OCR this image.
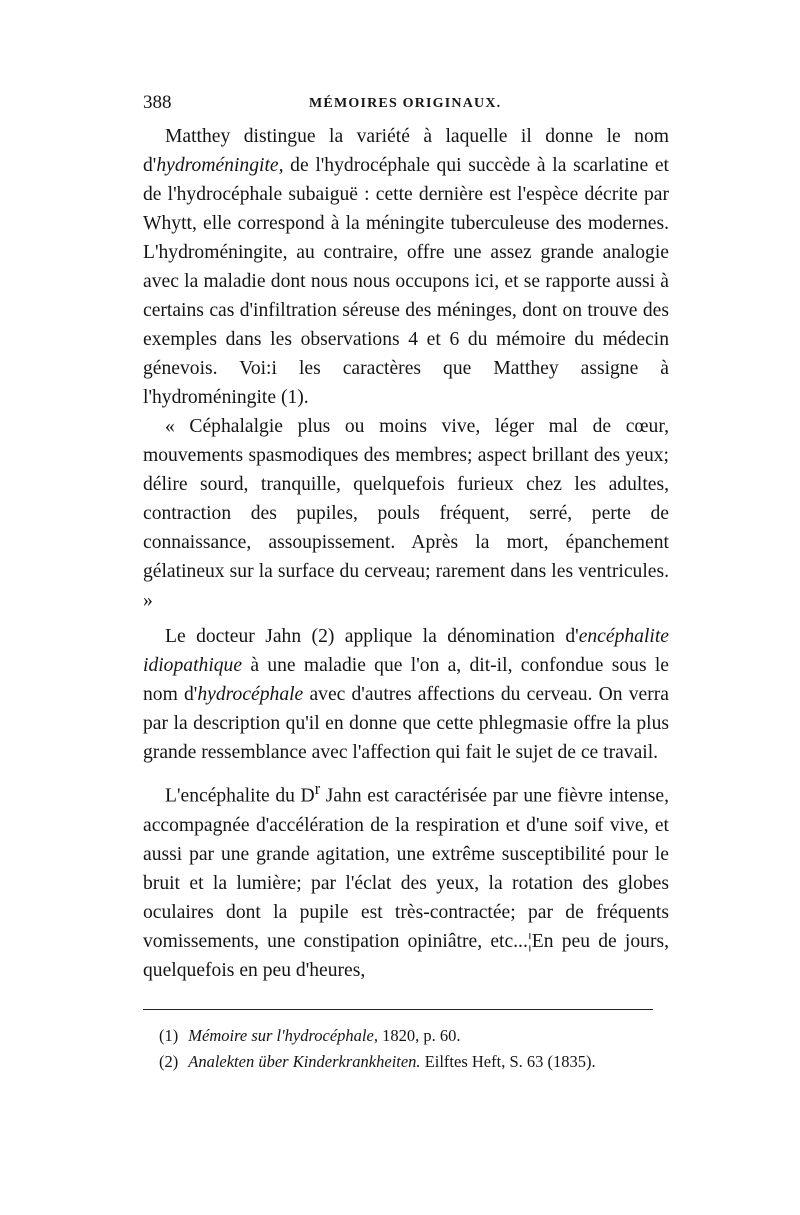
388	MÉMOIRES ORIGINAUX.

Matthey distingue la variété à laquelle il donne le nom d'hydroméningite, de l'hydrocéphale qui succède à la scarlatine et de l'hydrocéphale subaiguë : cette dernière est l'espèce décrite par Whytt, elle correspond à la méningite tuberculeuse des modernes. L'hydroméningite, au contraire, offre une assez grande analogie avec la maladie dont nous nous occupons ici, et se rapporte aussi à certains cas d'infiltration séreuse des méninges, dont on trouve des exemples dans les observations 4 et 6 du mémoire du médecin génevois. Voi:i les caractères que Matthey assigne à l'hydroméningite (1).

« Céphalalgie plus ou moins vive, léger mal de cœur, mouvements spasmodiques des membres; aspect brillant des yeux; délire sourd, tranquille, quelquefois furieux chez les adultes, contraction des pupiles, pouls fréquent, serré, perte de connaissance, assoupissement. Après la mort, épanchement gélatineux sur la surface du cerveau; rarement dans les ventricules. »

Le docteur Jahn (2) applique la dénomination d'encéphalite idiopathique à une maladie que l'on a, dit-il, confondue sous le nom d'hydrocéphale avec d'autres affections du cerveau. On verra par la description qu'il en donne que cette phlegmasie offre la plus grande ressemblance avec l'affection qui fait le sujet de ce travail.

L'encéphalite du $D^r$ Jahn est caractérisée par une fièvre intense, accompagnée d'accélération de la respiration et d'une soif vive, et aussi par une grande agitation, une extrême susceptibilité pour le bruit et la lumière; par l'éclat des yeux, la rotation des globes oculaires dont la pupile est très-contractée; par de fréquents vomissements, une constipation opiniâtre, etc...¦En peu de jours, quelquefois en peu d'heures,

(1) Mémoire sur l'hydrocéphale, 1820, p. 60.
(2) Analekten über Kinderkrankheiten. Eilftes Heft, S. 63 (1835).
